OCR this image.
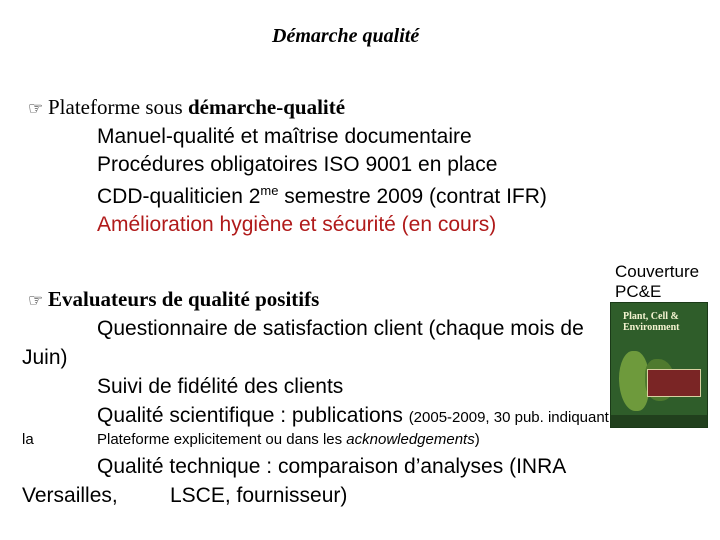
Démarche qualité
☞ Plateforme sous démarche-qualité
Manuel-qualité et maîtrise documentaire
Procédures obligatoires ISO 9001 en place
CDD-qualiticien $2^{me}$ semestre 2009 (contrat IFR)
Amélioration hygiène et sécurité (en cours)
☞ Evaluateurs de qualité positifs
Questionnaire de satisfaction client (chaque mois de
Juin)
Suivi de fidélité des clients
Qualité scientifique : publications (2005-2009, 30 pub. indiquant
la	Plateforme explicitement ou dans les acknowledgements)
Qualité technique : comparaison d’analyses (INRA
Versailles, LSCE, fournisseur)
Couverture
PC&E
Plant, Cell & Environment
